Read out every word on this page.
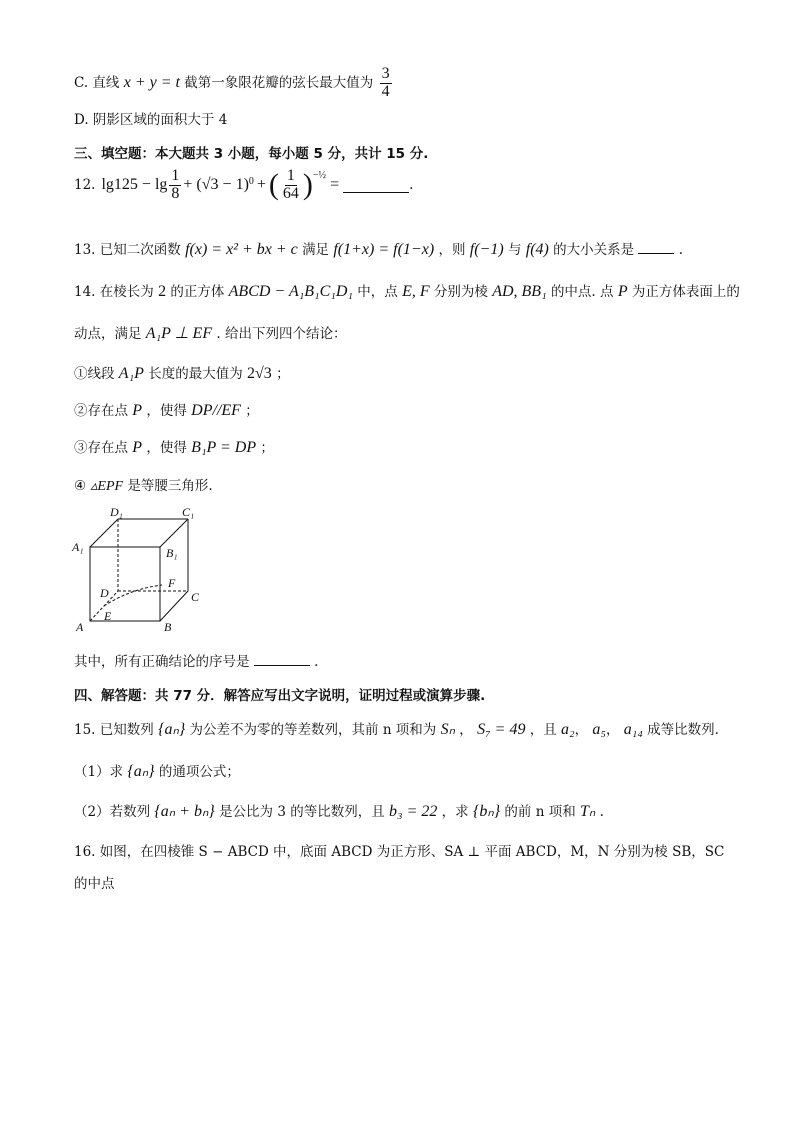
C. 直线 x + y = t 截第一象限花瓣的弦长最大值为 $\frac{3}{4}$
D. 阴影区域的面积大于 4
三、填空题：本大题共 3 小题，每小题 5 分，共计 15 分.
12. $\lg 125 - \lg \frac{1}{8} + (√3 - 1)^0$ + ( $\frac{1}{64} )^{-\frac{1}{2}}$
=	.
13. 已知二次函数 f(x) = x² + bx + c 满足 f(1+x) = f(1−x) ，则 f(−1) 与 f(4) 的大小关系是	.
14. 在棱长为 2 的正方体 ABCD − A₁B₁C₁D₁ 中，点 E, F 分别为棱 AD, BB₁ 的中点. 点 P 为正方体表面上的
动点，满足 A₁P ⊥ EF . 给出下列四个结论：
①线段 A₁P 长度的最大值为 2√3 ；
②存在点 P ，使得 DP//EF ；
③存在点 P ，使得 B₁P = DP ；
④ ▵EPF 是等腰三角形.
D₁	C₁
A₁	B₁
F
D	C
E
A	B
其中，所有正确结论的序号是	.
四、解答题：共 77 分．解答应写出文字说明，证明过程或演算步骤.
15. 已知数列 {aₙ} 为公差不为零的等差数列，其前 n 项和为 Sₙ ， S₇ = 49 ，且 a₂， a₅， a₁₄ 成等比数列.
（1）求 {aₙ} 的通项公式；
（2）若数列 {aₙ + bₙ} 是公比为 3 的等比数列，且 b₃ = 22 ，求 {bₙ} 的前 n 项和 Tₙ .
16. 如图，在四棱锥 S − ABCD 中，底面 ABCD 为正方形、SA ⊥ 平面 ABCD，M，N 分别为棱 SB，SC
的中点
